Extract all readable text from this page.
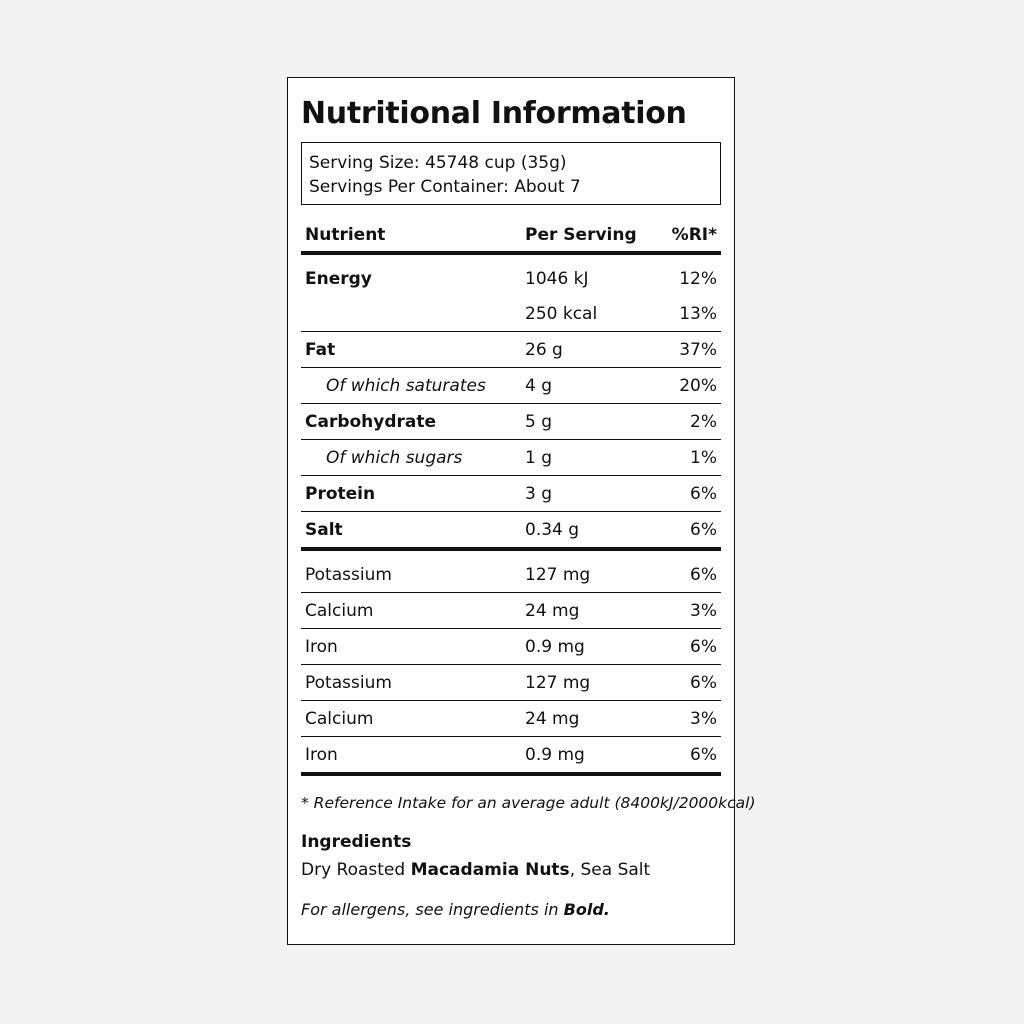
Nutritional Information
Serving Size: 45748 cup (35g)
Servings Per Container: About 7
Nutrient	Per Serving	%RI*
Energy	1046 kJ	12%
	250 kcal	13%
Fat	26 g	37%
Of which saturates	4 g	20%
Carbohydrate	5 g	2%
Of which sugars	1 g	1%
Protein	3 g	6%
Salt	0.34 g	6%
Potassium	127 mg	6%
Calcium	24 mg	3%
Iron	0.9 mg	6%
Potassium	127 mg	6%
Calcium	24 mg	3%
Iron	0.9 mg	6%
* Reference Intake for an average adult (8400kJ/2000kcal)
Ingredients
Dry Roasted Macadamia Nuts, Sea Salt
For allergens, see ingredients in Bold.
